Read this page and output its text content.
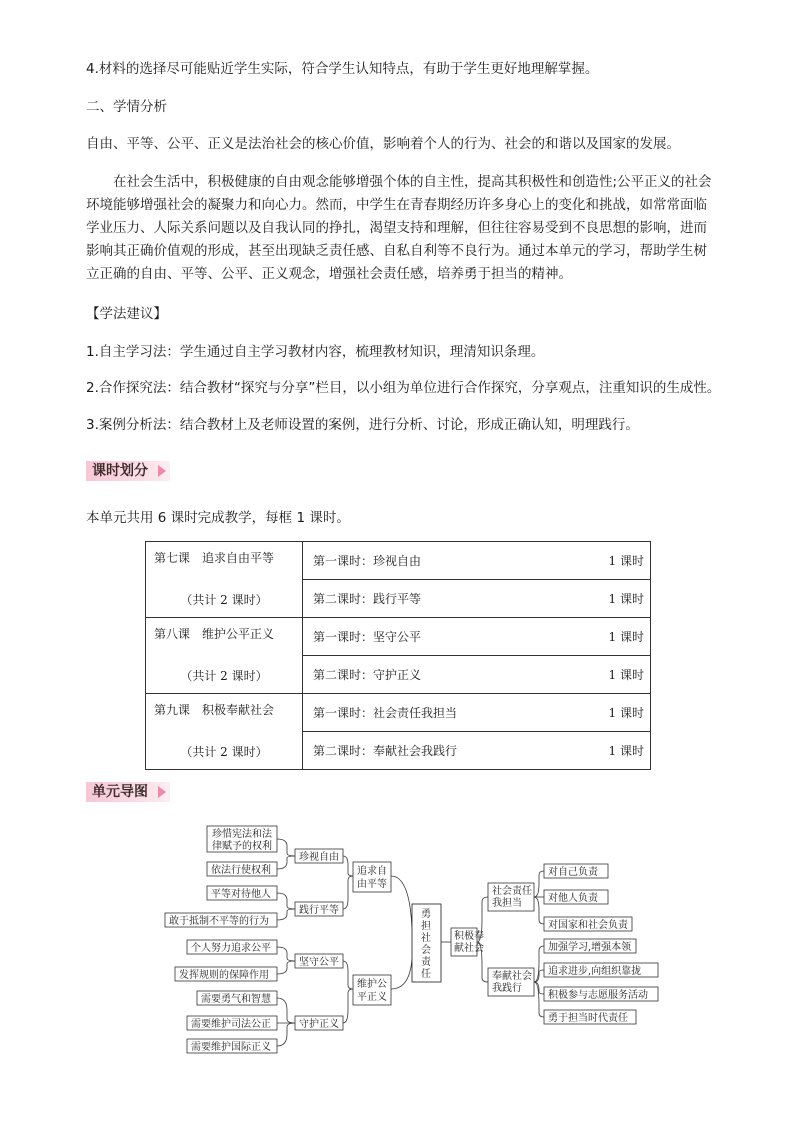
4.材料的选择尽可能贴近学生实际，符合学生认知特点，有助于学生更好地理解掌握。

二、学情分析

自由、平等、公平、正义是法治社会的核心价值，影响着个人的行为、社会的和谐以及国家的发展。

在社会生活中，积极健康的自由观念能够增强个体的自主性，提高其积极性和创造性;公平正义的社会环境能够增强社会的凝聚力和向心力。然而，中学生在青春期经历许多身心上的变化和挑战，如常常面临学业压力、人际关系问题以及自我认同的挣扎，渴望支持和理解，但往往容易受到不良思想的影响，进而影响其正确价值观的形成，甚至出现缺乏责任感、自私自利等不良行为。通过本单元的学习，帮助学生树立正确的自由、平等、公平、正义观念，增强社会责任感，培养勇于担当的精神。

【学法建议】

1.自主学习法：学生通过自主学习教材内容，梳理教材知识，理清知识条理。

2.合作探究法：结合教材“探究与分享”栏目，以小组为单位进行合作探究，分享观点，注重知识的生成性。

3.案例分析法：结合教材上及老师设置的案例，进行分析、讨论，形成正确认知，明理践行。

课时划分

本单元共用 6 课时完成教学，每框 1 课时。

第七课　追求自由平等
（共计 2 课时）	第一课时：珍视自由 1 课时

	第二课时：践行平等 1 课时

第八课　维护公平正义
（共计 2 课时）	第一课时：坚守公平 1 课时

	第二课时：守护正义 1 课时

第九课　积极奉献社会
（共计 2 课时）	第一课时：社会责任我担当 1 课时

	第二课时：奉献社会我践行 1 课时
单元导图
珍惜宪法和法
律赋予的权利
依法行使权利
平等对待他人
敢于抵制不平等的行为
个人努力追求公平
发挥规则的保障作用
需要勇气和智慧
需要维护司法公正
需要维护国际正义
珍视自由
践行平等
坚守公平
守护正义
追求自
由平等
维护公
平正义
勇
担
社
会
责
任
积极奉
献社会
社会责任
我担当
奉献社会
我践行
对自己负责
对他人负责
对国家和社会负责
加强学习,增强本领
追求进步,向组织靠拢
积极参与志愿服务活动
勇于担当时代责任
